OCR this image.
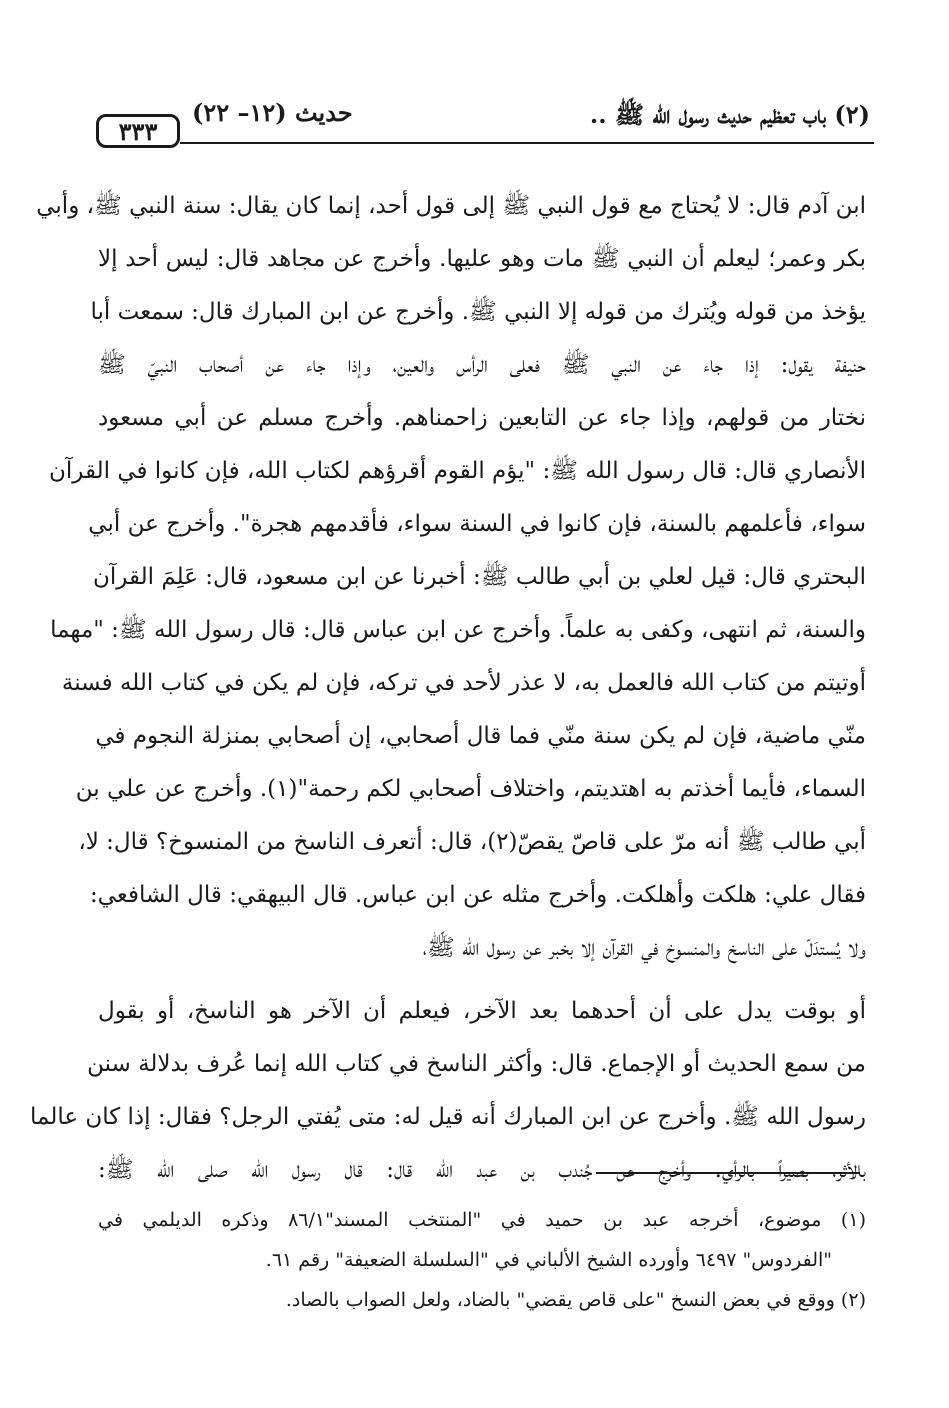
٣٣٣
حديث (١٢– ٢٢)	(٢) باب تعظيم حديث رسول الله ﷺ ..
ابن آدم قال: لا يُحتاج مع قول النبي ﷺ إلى قول أحد، إنما كان يقال: سنة النبي ﷺ، وأبي
بكر وعمر؛ ليعلم أن النبي ﷺ مات وهو عليها. وأخرج عن مجاهد قال: ليس أحد إلا
يؤخذ من قوله ويُترك من قوله إلا النبي ﷺ. وأخرج عن ابن المبارك قال: سمعت أبا
حنيفة يقول: إذا جاء عن النبي ﷺ فعلى الرأس والعين، وإذا جاء عن أصحاب النبيّ ﷺ
نختار من قولهم، وإذا جاء عن التابعين زاحمناهم. وأخرج مسلم عن أبي مسعود
الأنصاري قال: قال رسول الله ﷺ: "يؤم القوم أقرؤهم لكتاب الله، فإن كانوا في القرآن
سواء، فأعلمهم بالسنة، فإن كانوا في السنة سواء، فأقدمهم هجرة". وأخرج عن أبي
البحتري قال: قيل لعلي بن أبي طالب ﷺ: أخبرنا عن ابن مسعود، قال: عَلِمَ القرآن
والسنة، ثم انتهى، وكفى به علماً. وأخرج عن ابن عباس قال: قال رسول الله ﷺ: "مهما
أوتيتم من كتاب الله فالعمل به، لا عذر لأحد في تركه، فإن لم يكن في كتاب الله فسنة
منّي ماضية، فإن لم يكن سنة منّي فما قال أصحابي، إن أصحابي بمنزلة النجوم في
السماء، فأيما أخذتم به اهتديتم، واختلاف أصحابي لكم رحمة"(١). وأخرج عن علي بن
أبي طالب ﷺ أنه مرّ على قاصّ يقصّ(٢)، قال: أتعرف الناسخ من المنسوخ؟ قال: لا،
فقال علي: هلكت وأهلكت. وأخرج مثله عن ابن عباس. قال البيهقي: قال الشافعي:
ولا يُستدَلّ على الناسخ والمنسوخ في القرآن إلا بخبر عن رسول الله ﷺ،
أو بوقت يدل على أن أحدهما بعد الآخر، فيعلم أن الآخر هو الناسخ، أو بقول
من سمع الحديث أو الإجماع. قال: وأكثر الناسخ في كتاب الله إنما عُرف بدلالة سنن
رسول الله ﷺ. وأخرج عن ابن المبارك أنه قيل له: متى يُفتي الرجل؟ فقال: إذا كان عالما
بالأثر، بصيراً بالرأي. وأخرج عن جُندب بن عبد الله قال: قال رسول الله صلى الله ﷺ:
(١) موضوع، أخرجه عبد بن حميد في "المنتخب المسند"٨٦/١ وذكره الديلمي في
"الفردوس" ٦٤٩٧ وأورده الشيخ الألباني في "السلسلة الضعيفة" رقم ٦١.
(٢) ووقع في بعض النسخ "على قاص يقضي" بالضاد، ولعل الصواب بالصاد.
